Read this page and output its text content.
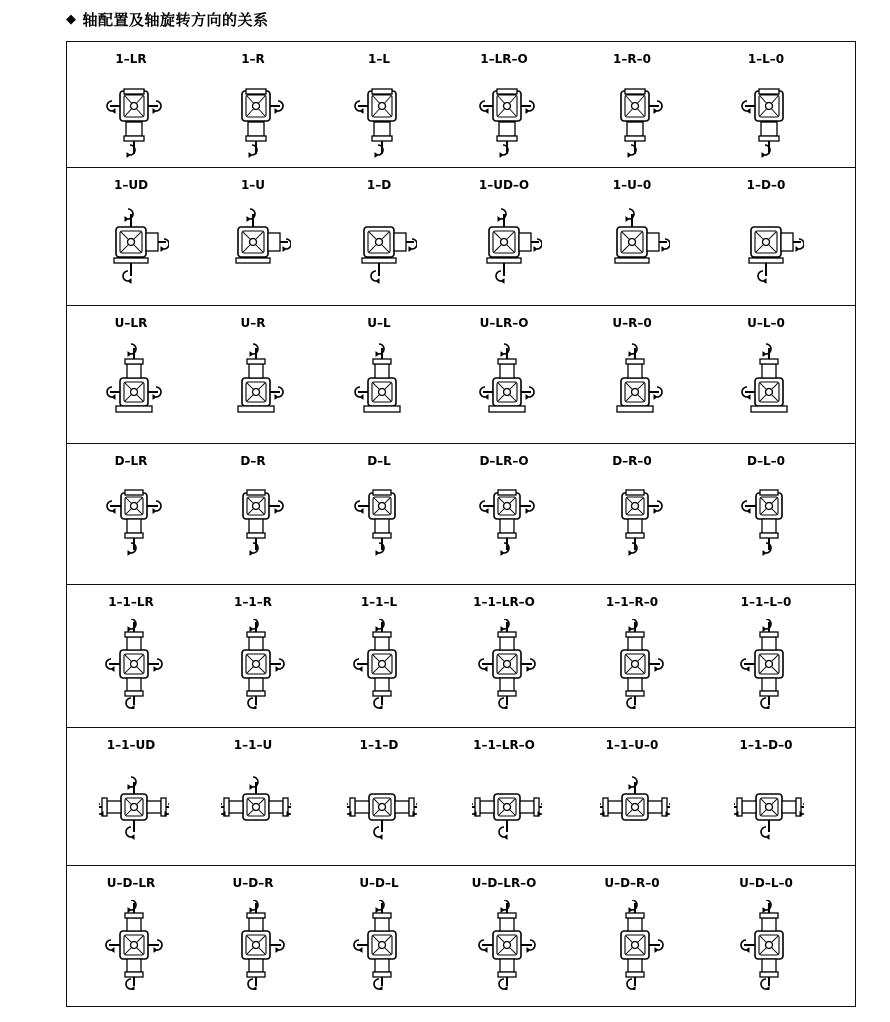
◆ 轴配置及轴旋转方向的关系
1–LR	1–R	1–L	1–LR–O	1–R–0	1–L–0
1–UD	1–U	1–D	1–UD–O	1–U–0	1–D–0
U–LR	U–R	U–L	U–LR–O	U–R–0	U–L–0
D–LR	D–R	D–L	D–LR–O	D–R–0	D–L–0
1–1–LR	1–1–R	1–1–L	1–1–LR–O	1–1–R–0	1–1–L–0
1–1–UD	1–1–U	1–1–D	1–1–LR–O	1–1–U–0	1–1–D–0
U–D–LR	U–D–R	U–D–L	U–D–LR–O	U–D–R–0	U–D–L–0
